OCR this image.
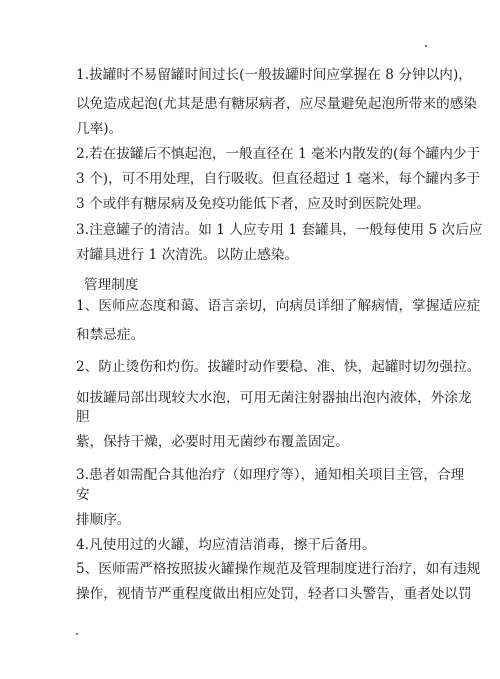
1.拔罐时不易留罐时间过长(一般拔罐时间应掌握在 8 分钟以内)，
以免造成起泡(尤其是患有糖尿病者，应尽量避免起泡所带来的感染
几率)。
2.若在拔罐后不慎起泡，一般直径在 1 毫米内散发的(每个罐内少于
3 个)，可不用处理，自行吸收。但直径超过 1 毫米，每个罐内多于
3 个或伴有糖尿病及免疫功能低下者，应及时到医院处理。
3.注意罐子的清洁。如 1 人应专用 1 套罐具，一般每使用 5 次后应
对罐具进行 1 次清洗。以防止感染。
管理制度
1、医师应态度和蔼、语言亲切，向病员详细了解病情，掌握适应症
和禁忌症。
2、防止烫伤和灼伤。拔罐时动作要稳、准、快，起罐时切勿强拉。
如拔罐局部出现较大水泡，可用无菌注射器抽出泡内液体，外涂龙
胆
紫，保持干燥，必要时用无菌纱布覆盖固定。
3.患者如需配合其他治疗（如理疗等），通知相关项目主管，合理
安
排顺序。
4.凡使用过的火罐，均应清洁消毒，擦干后备用。
5、医师需严格按照拔火罐操作规范及管理制度进行治疗，如有违规
操作，视情节严重程度做出相应处罚，轻者口头警告，重者处以罚
